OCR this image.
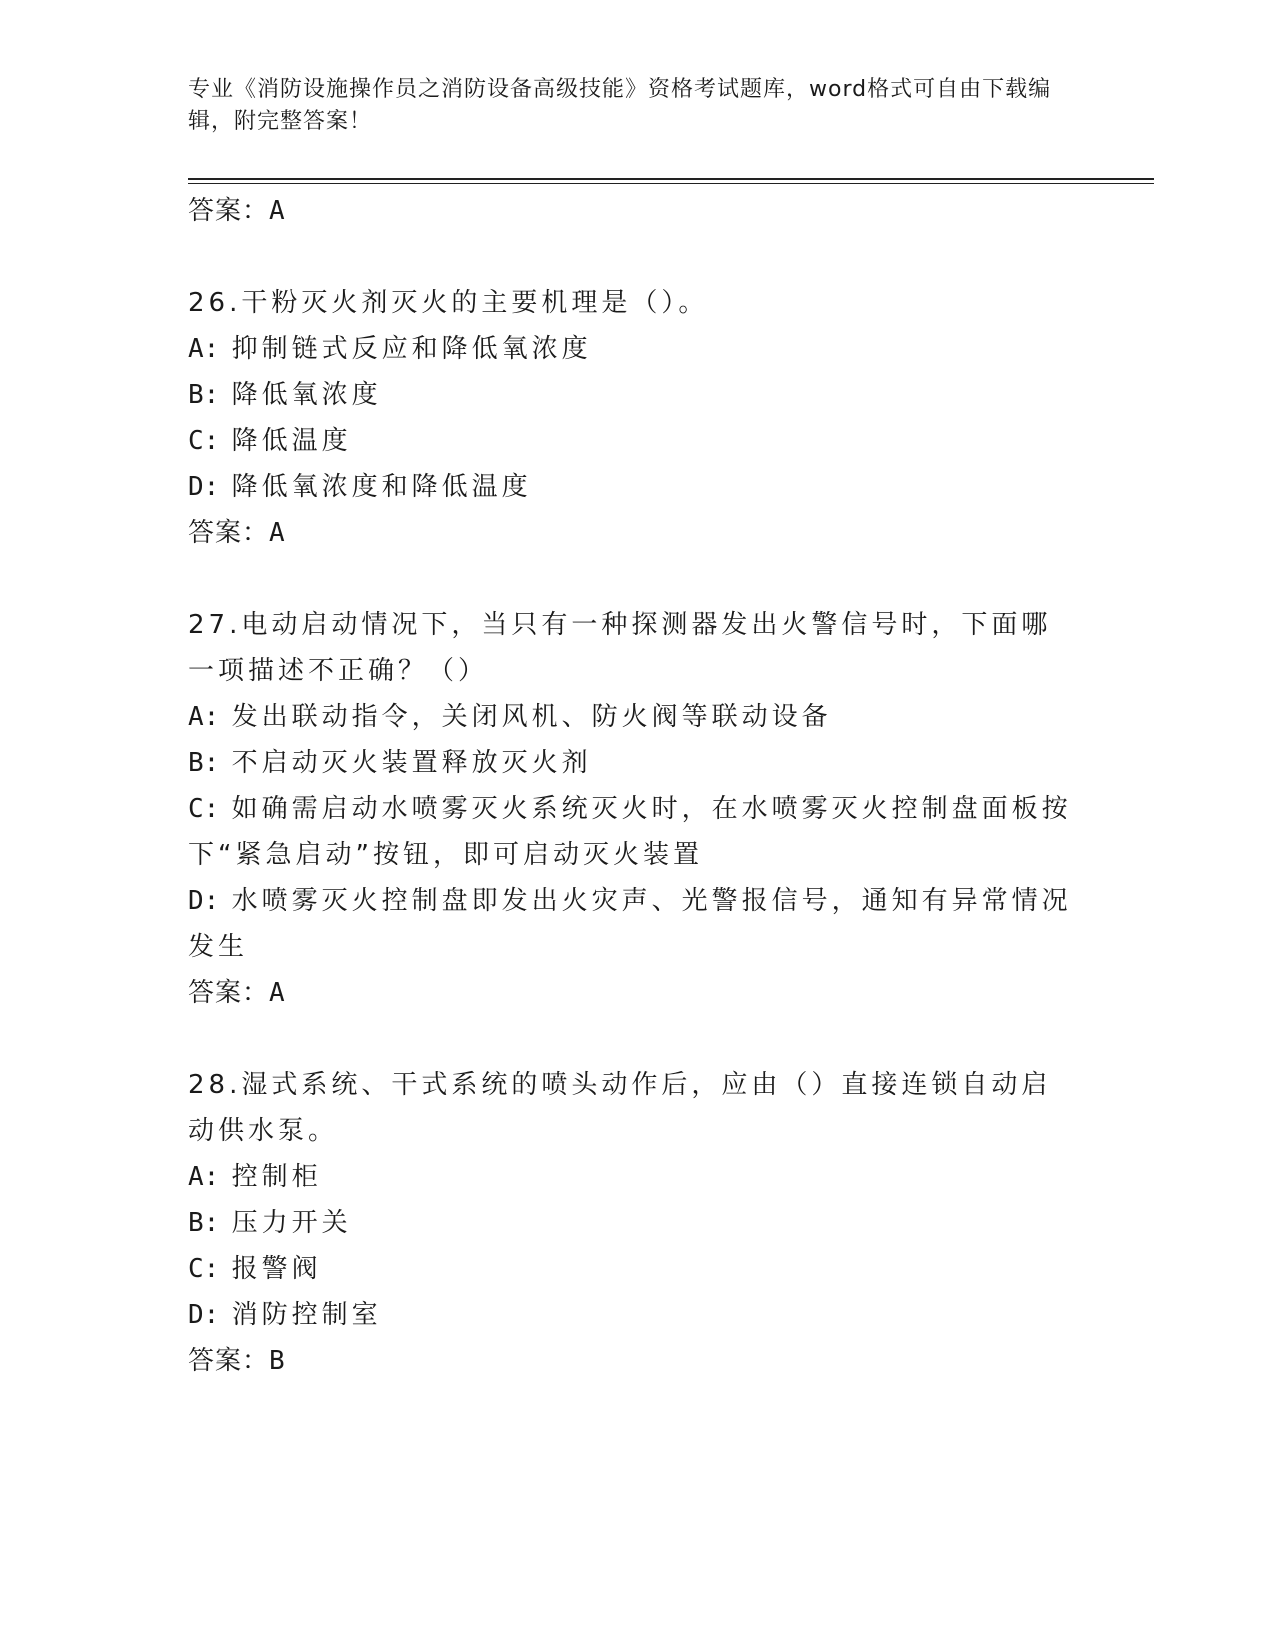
专业《消防设施操作员之消防设备高级技能》资格考试题库，word格式可自由下载编辑，附完整答案！
答案：A
26.干粉灭火剂灭火的主要机理是（）。
A: 抑制链式反应和降低氧浓度
B: 降低氧浓度
C: 降低温度
D: 降低氧浓度和降低温度
答案：A
27.电动启动情况下，当只有一种探测器发出火警信号时，下面哪一项描述不正确？（）
A: 发出联动指令，关闭风机、防火阀等联动设备
B: 不启动灭火装置释放灭火剂
C: 如确需启动水喷雾灭火系统灭火时，在水喷雾灭火控制盘面板按下“紧急启动”按钮，即可启动灭火装置
D: 水喷雾灭火控制盘即发出火灾声、光警报信号，通知有异常情况发生
答案：A
28.湿式系统、干式系统的喷头动作后，应由（）直接连锁自动启动供水泵。
A: 控制柜
B: 压力开关
C: 报警阀
D: 消防控制室
答案：B
